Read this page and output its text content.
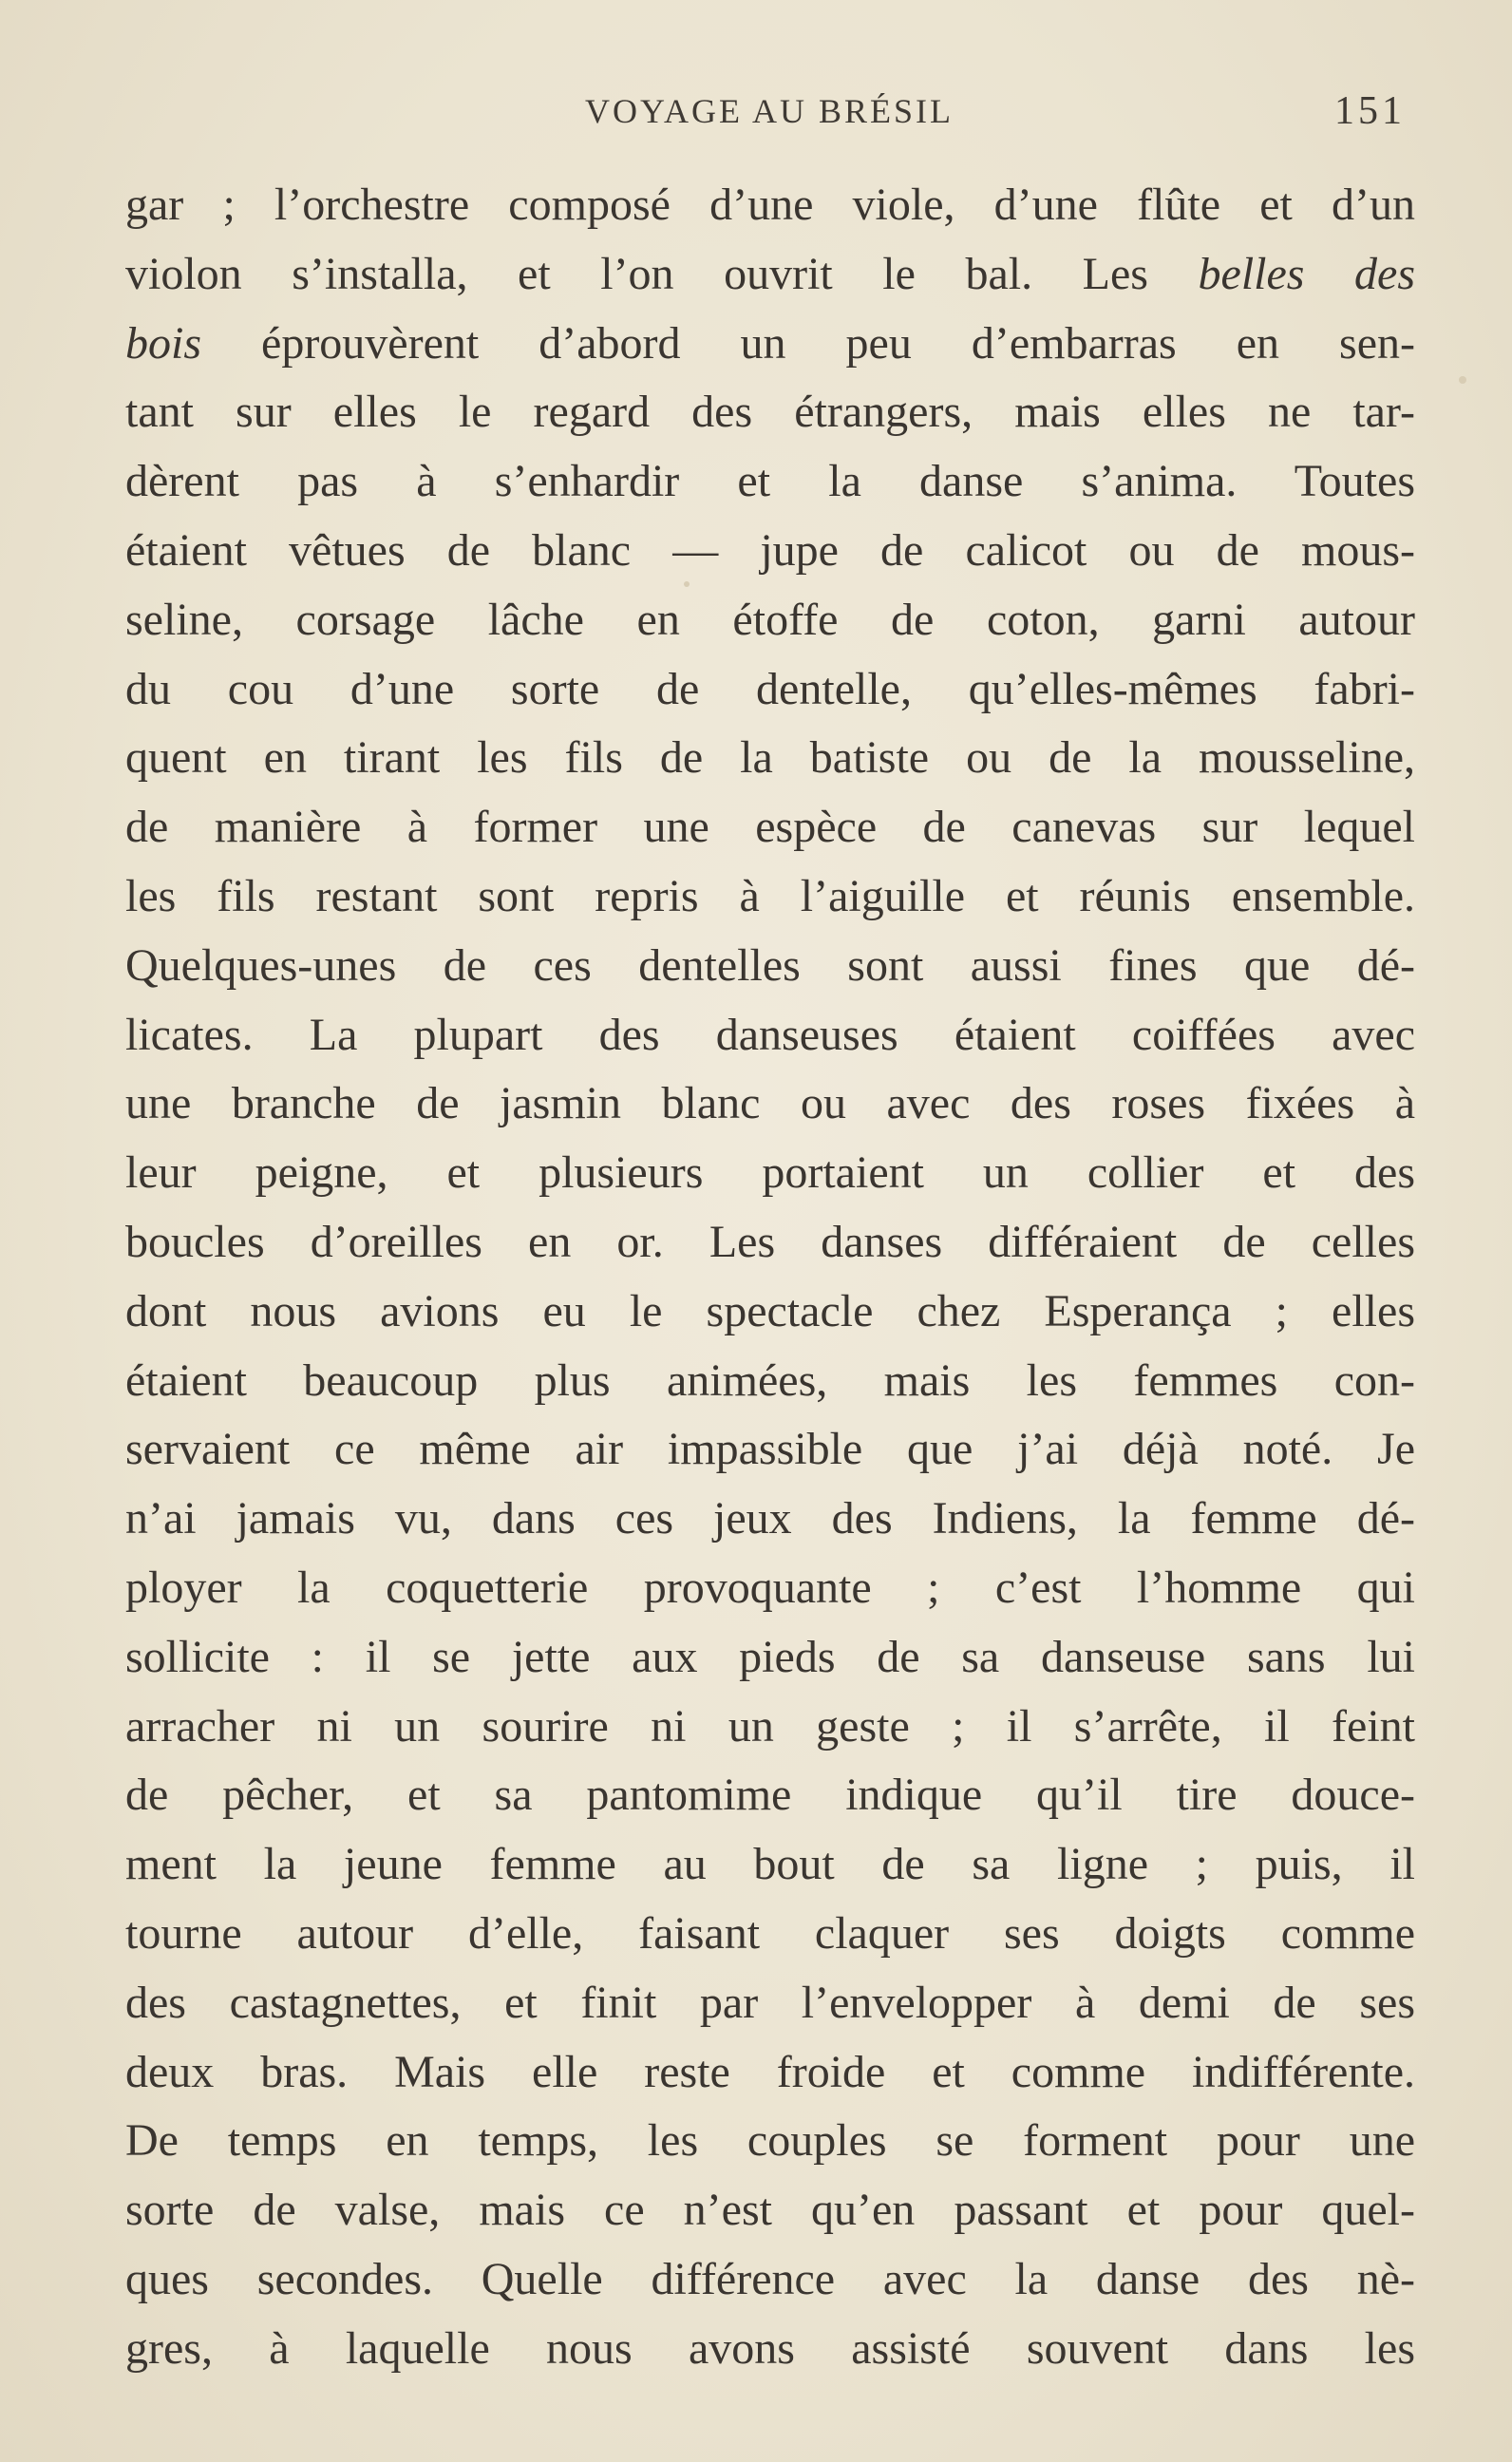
VOYAGE AU BRÉSIL	151
gar ; l’orchestre composé d’une viole, d’une flûte et d’un
violon s’installa, et l’on ouvrit le bal. Les belles des
bois éprouvèrent d’abord un peu d’embarras en sen-
tant sur elles le regard des étrangers, mais elles ne tar-
dèrent pas à s’enhardir et la danse s’anima. Toutes
étaient vêtues de blanc — jupe de calicot ou de mous-
seline, corsage lâche en étoffe de coton, garni autour
du cou d’une sorte de dentelle, qu’elles-mêmes fabri-
quent en tirant les fils de la batiste ou de la mousseline,
de manière à former une espèce de canevas sur lequel
les fils restant sont repris à l’aiguille et réunis ensemble.
Quelques-unes de ces dentelles sont aussi fines que dé-
licates. La plupart des danseuses étaient coiffées avec
une branche de jasmin blanc ou avec des roses fixées à
leur peigne, et plusieurs portaient un collier et des
boucles d’oreilles en or. Les danses différaient de celles
dont nous avions eu le spectacle chez Esperança ; elles
étaient beaucoup plus animées, mais les femmes con-
servaient ce même air impassible que j’ai déjà noté. Je
n’ai jamais vu, dans ces jeux des Indiens, la femme dé-
ployer la coquetterie provoquante ; c’est l’homme qui
sollicite : il se jette aux pieds de sa danseuse sans lui
arracher ni un sourire ni un geste ; il s’arrête, il feint
de pêcher, et sa pantomime indique qu’il tire douce-
ment la jeune femme au bout de sa ligne ; puis, il
tourne autour d’elle, faisant claquer ses doigts comme
des castagnettes, et finit par l’envelopper à demi de ses
deux bras. Mais elle reste froide et comme indifférente.
De temps en temps, les couples se forment pour une
sorte de valse, mais ce n’est qu’en passant et pour quel-
ques secondes. Quelle différence avec la danse des nè-
gres, à laquelle nous avons assisté souvent dans les
